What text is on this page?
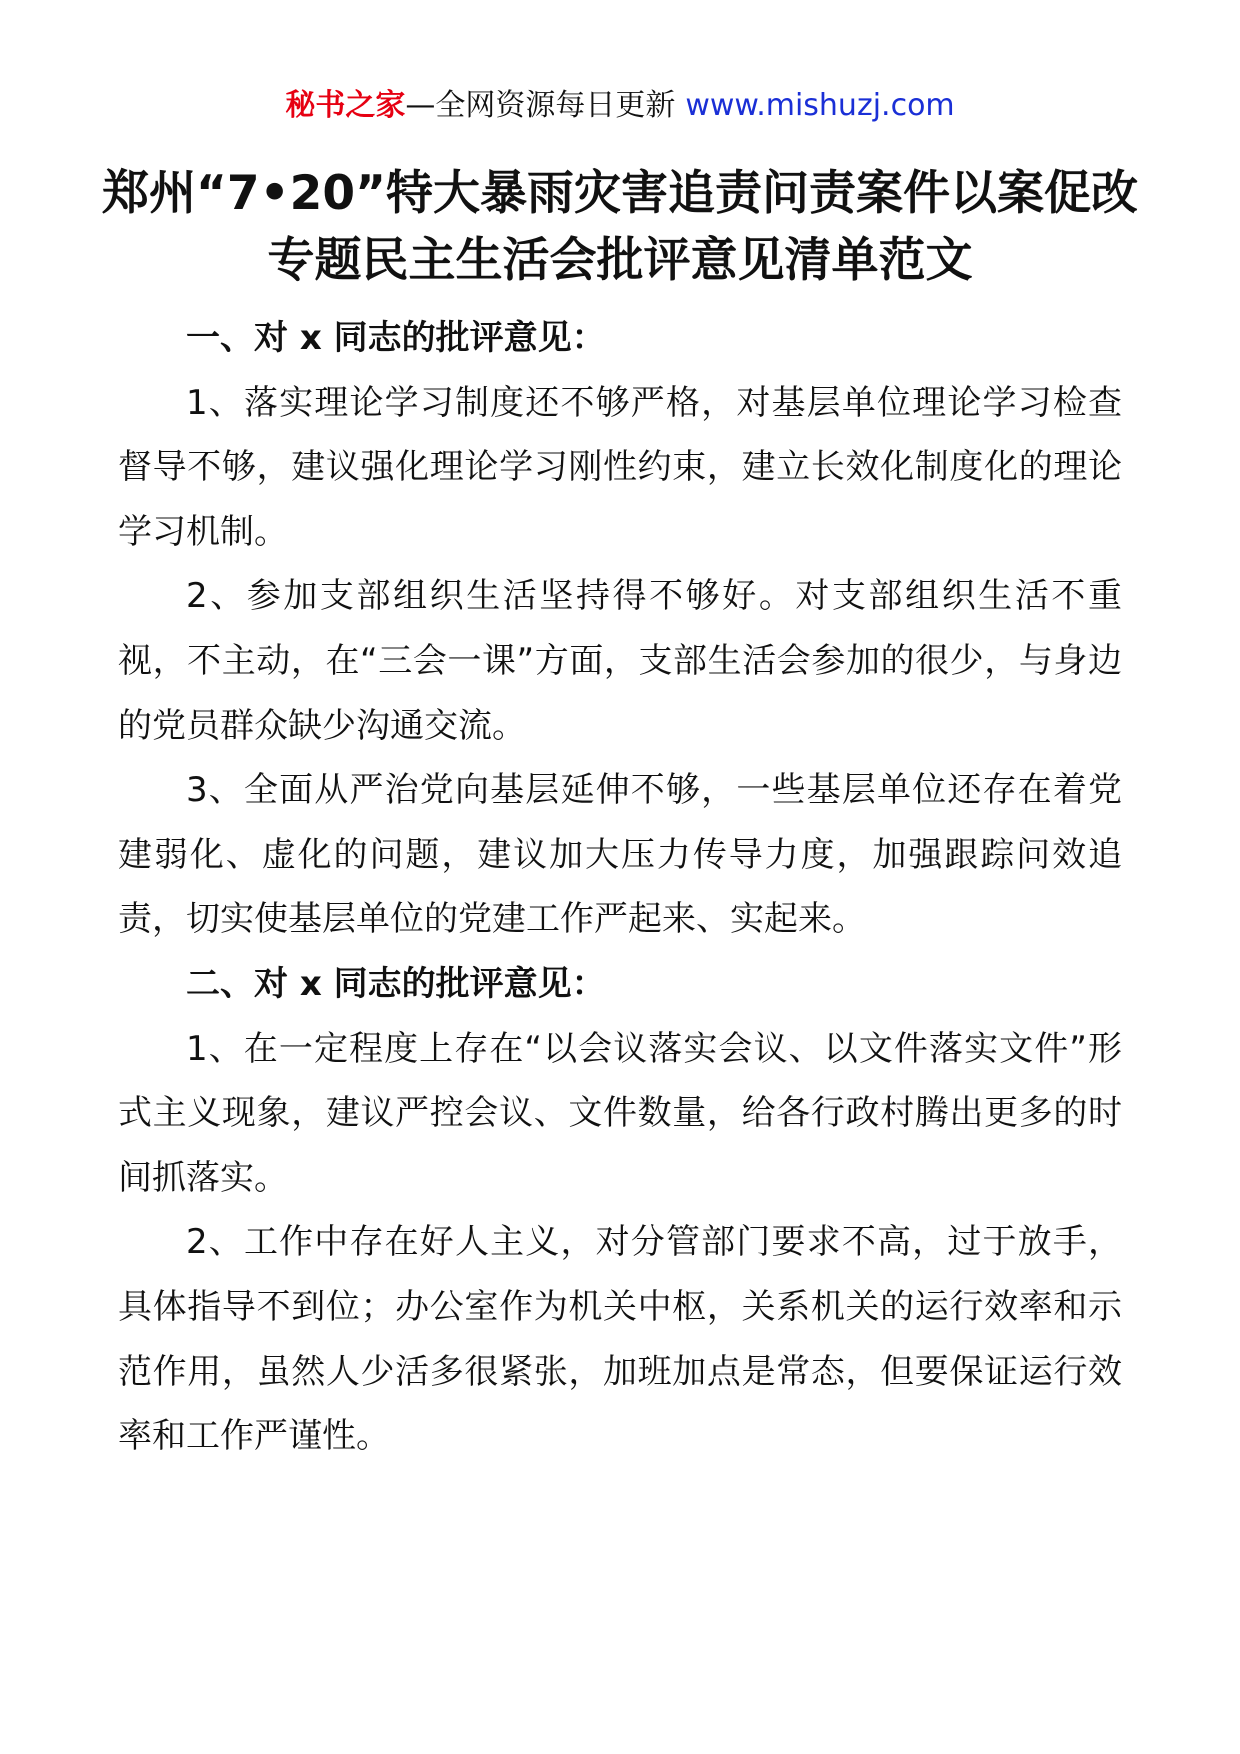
秘书之家—全网资源每日更新 www.mishuzj.com
郑州“7•20”特大暴雨灾害追责问责案件以案促改专题民主生活会批评意见清单范文

一、对 x 同志的批评意见：

1、落实理论学习制度还不够严格，对基层单位理论学习检查督导不够，建议强化理论学习刚性约束，建立长效化制度化的理论学习机制。

2、参加支部组织生活坚持得不够好。对支部组织生活不重视，不主动，在“三会一课”方面，支部生活会参加的很少，与身边的党员群众缺少沟通交流。

3、全面从严治党向基层延伸不够，一些基层单位还存在着党建弱化、虚化的问题，建议加大压力传导力度，加强跟踪问效追责，切实使基层单位的党建工作严起来、实起来。

二、对 x 同志的批评意见：

1、在一定程度上存在“以会议落实会议、以文件落实文件”形式主义现象，建议严控会议、文件数量，给各行政村腾出更多的时间抓落实。

2、工作中存在好人主义，对分管部门要求不高，过于放手，具体指导不到位；办公室作为机关中枢，关系机关的运行效率和示范作用，虽然人少活多很紧张，加班加点是常态，但要保证运行效率和工作严谨性。
